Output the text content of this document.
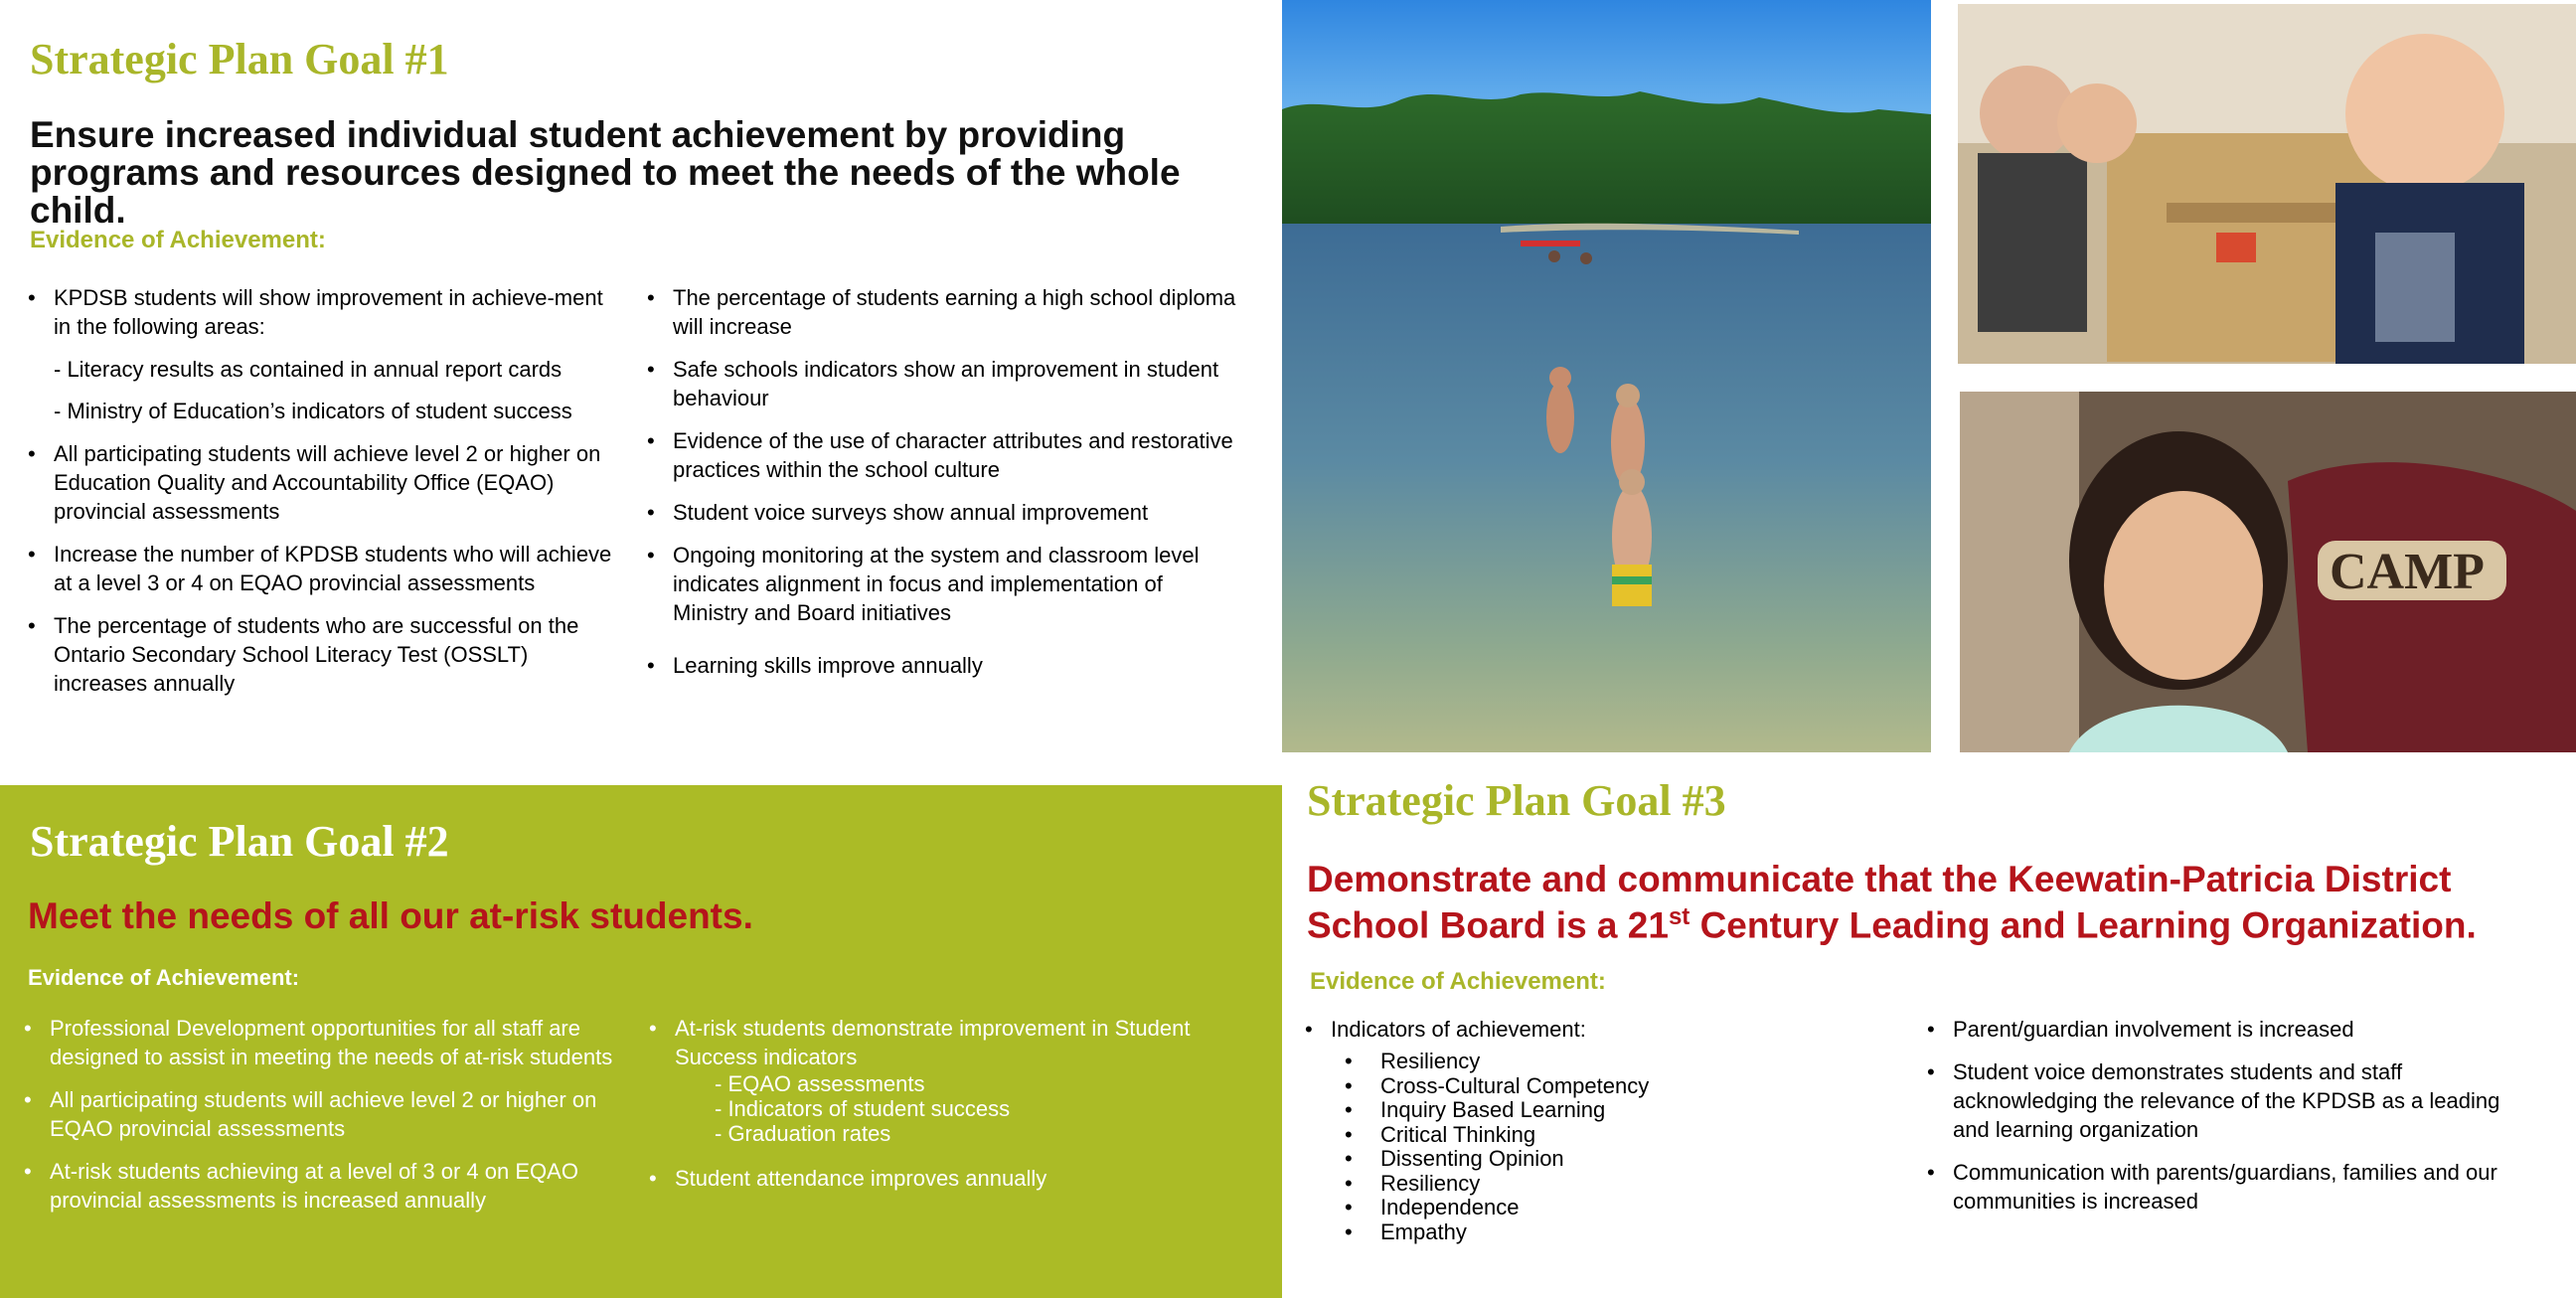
Strategic Plan Goal #1

Ensure increased individual student achievement by providing

programs and resources designed to meet the needs of the whole child.

Evidence of Achievement:

• KPDSB students will show improvement in achieve-ment in the following areas:

- Literacy results as contained in annual report cards

- Ministry of Education’s indicators of student success

• All participating students will achieve level 2 or higher on Education Quality and Accountability Office (EQAO) provincial assessments
• Increase the number of KPDSB students who will achieve at a level 3 or 4 on EQAO provincial assessments
• The percentage of students who are successful on the Ontario Secondary School Literacy Test (OSSLT) increases annually
• The percentage of students earning a high school diploma will increase
• Safe schools indicators show an improvement in student behaviour
• Evidence of the use of character attributes and restorative practices within the school culture
• Student voice surveys show annual improvement
• Ongoing monitoring at the system and classroom level indicates alignment in focus and implementation of Ministry and Board initiatives
• Learning skills improve annually
CAMP
Strategic Plan Goal #2

Meet the needs of all our at-risk students.

Evidence of Achievement:

• Professional Development opportunities for all staff are designed to assist in meeting the needs of at-risk students
• All participating students will achieve level 2 or higher on EQAO provincial assessments
• At-risk students achieving at a level of 3 or 4 on EQAO provincial assessments is increased annually
• At-risk students demonstrate improvement in Student Success indicators
- EQAO assessments
- Indicators of student success
- Graduation rates
• Student attendance improves annually
Strategic Plan Goal #3

Demonstrate and communicate that the Keewatin-Patricia District

School Board is a 21st Century Leading and Learning Organization.

Evidence of Achievement:

• Indicators of achievement:
• Resiliency
• Cross-Cultural Competency
• Inquiry Based Learning
• Critical Thinking
• Dissenting Opinion
• Resiliency
• Independence
• Empathy
• Parent/guardian involvement is increased
• Student voice demonstrates students and staff acknowledging the relevance of the KPDSB as a leading and learning organization
• Communication with parents/guardians, families and our communities is increased
